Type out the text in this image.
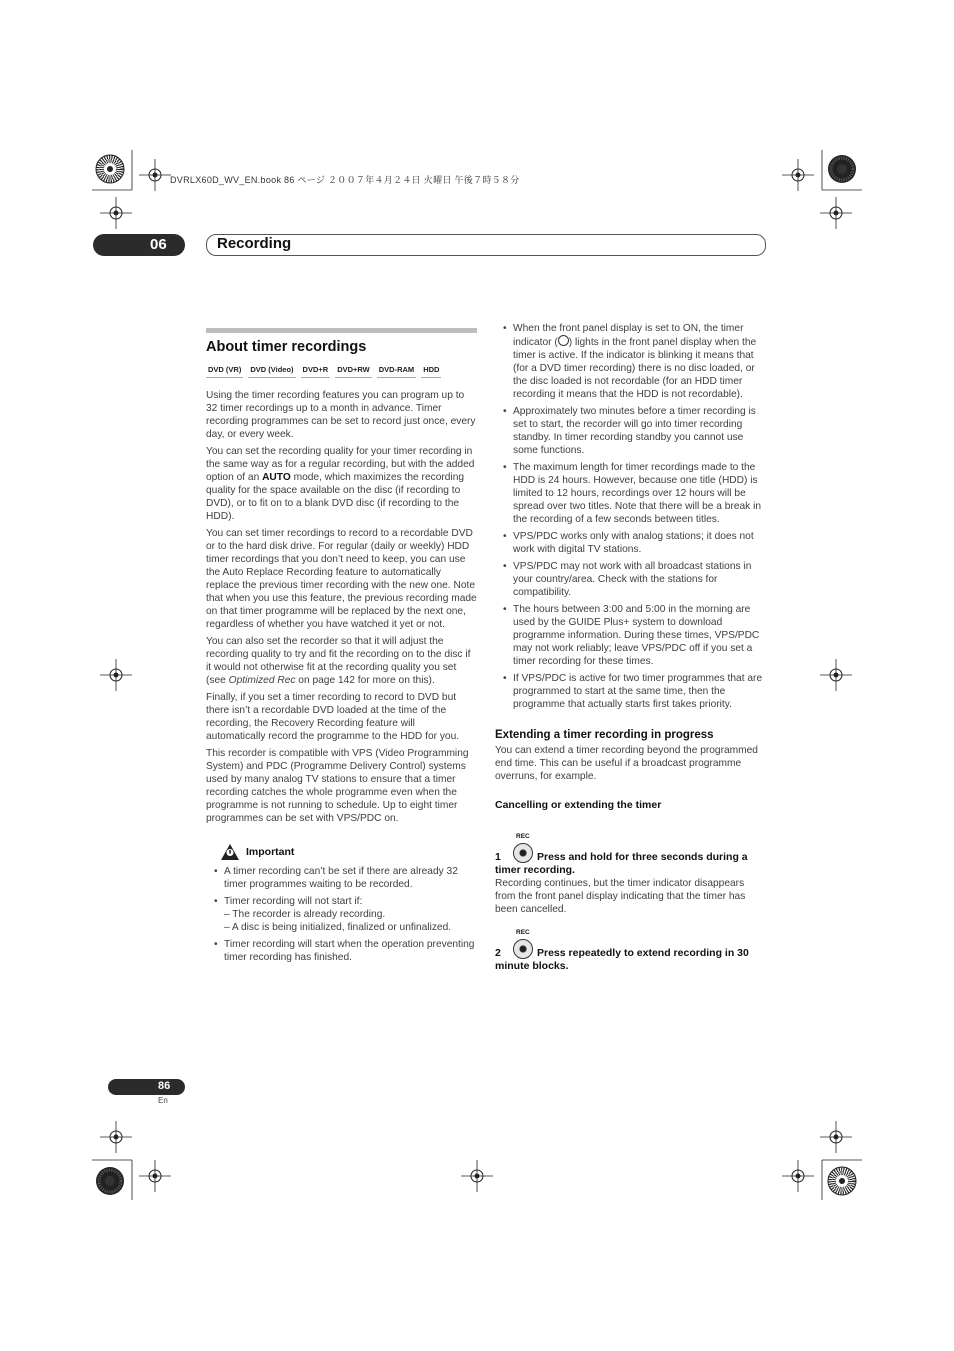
DVRLX60D_WV_EN.book 86 ページ ２００７年４月２４日 火曜日 午後７時５８分
06	Recording
About timer recordings
DVD (VR) DVD (Video) DVD+R DVD+RW DVD-RAM HDD

Using the timer recording features you can program up to 32 timer recordings up to a month in advance. Timer recording programmes can be set to record just once, every day, or every week.

You can set the recording quality for your timer recording in the same way as for a regular recording, but with the added option of an AUTO mode, which maximizes the recording quality for the space available on the disc (if recording to DVD), or to fit on to a blank DVD disc (if recording to the HDD).

You can set timer recordings to record to a recordable DVD or to the hard disk drive. For regular (daily or weekly) HDD timer recordings that you don’t need to keep, you can use the Auto Replace Recording feature to automatically replace the previous timer recording with the new one. Note that when you use this feature, the previous recording made on that timer programme will be replaced by the next one, regardless of whether you have watched it yet or not.

You can also set the recorder so that it will adjust the recording quality to try and fit the recording on to the disc if it would not otherwise fit at the recording quality you set (see Optimized Rec on page 142 for more on this).

Finally, if you set a timer recording to record to DVD but there isn’t a recordable DVD loaded at the time of the recording, the Recovery Recording feature will automatically record the programme to the HDD for you.

This recorder is compatible with VPS (Video Programming System) and PDC (Programme Delivery Control) systems used by many analog TV stations to ensure that a timer recording catches the whole programme even when the programme is not running to schedule. Up to eight timer programmes can be set with VPS/PDC on.

Important
• A timer recording can’t be set if there are already 32 timer programmes waiting to be recorded.
• Timer recording will not start if:
– The recorder is already recording.
– A disc is being initialized, finalized or unfinalized.
• Timer recording will start when the operation preventing timer recording has finished.
• When the front panel display is set to ON, the timer indicator ( ) lights in the front panel display when the timer is active. If the indicator is blinking it means that (for a DVD timer recording) there is no disc loaded, or the disc loaded is not recordable (for an HDD timer recording it means that the HDD is not recordable).
• Approximately two minutes before a timer recording is set to start, the recorder will go into timer recording standby. In timer recording standby you cannot use some functions.
• The maximum length for timer recordings made to the HDD is 24 hours. However, because one title (HDD) is limited to 12 hours, recordings over 12 hours will be spread over two titles. Note that there will be a break in the recording of a few seconds between titles.
• VPS/PDC works only with analog stations; it does not work with digital TV stations.
• VPS/PDC may not work with all broadcast stations in your country/area. Check with the stations for compatibility.
• The hours between 3:00 and 5:00 in the morning are used by the GUIDE Plus+ system to download programme information. During these times, VPS/PDC may not work reliably; leave VPS/PDC off if you set a timer recording for these times.
• If VPS/PDC is active for two timer programmes that are programmed to start at the same time, then the programme that actually starts first takes priority.
Extending a timer recording in progress

You can extend a timer recording beyond the programmed end time. This can be useful if a broadcast programme overruns, for example.

Cancelling or extending the timer
REC
1	Press and hold for three seconds during a timer recording.

Recording continues, but the timer indicator disappears from the front panel display indicating that the timer has been cancelled.

REC
2	Press repeatedly to extend recording in 30 minute blocks.
86
En
